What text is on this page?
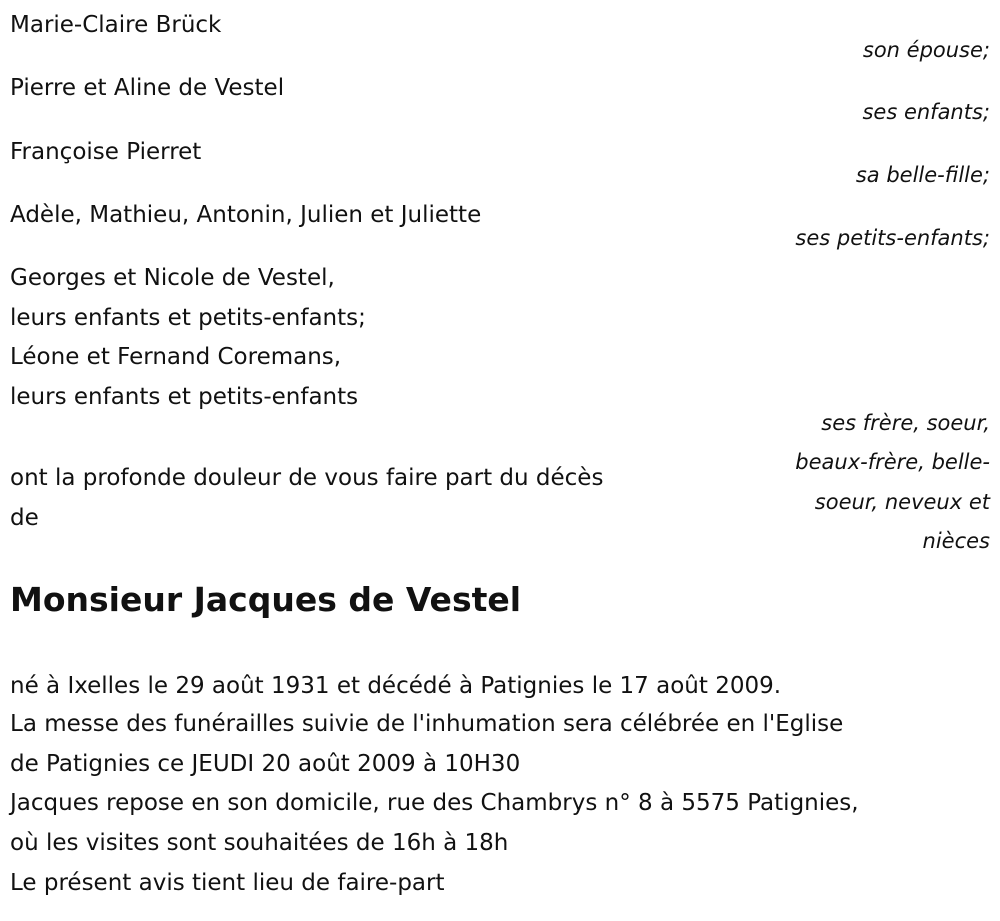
Marie-Claire Brück
son épouse;
Pierre et Aline de Vestel
ses enfants;
Françoise Pierret
sa belle-fille;
Adèle, Mathieu, Antonin, Julien et Juliette
ses petits-enfants;
Georges et Nicole de Vestel,
leurs enfants et petits-enfants;
Léone et Fernand Coremans,
leurs enfants et petits-enfants
ses frère, soeur,
beaux-frère, belle-
soeur, neveux et
nièces
ont la profonde douleur de vous faire part du décès
de
Monsieur Jacques de Vestel
né à Ixelles le 29 août 1931 et décédé à Patignies le 17 août 2009.
La messe des funérailles suivie de l'inhumation sera célébrée en l'Eglise
de Patignies ce JEUDI 20 août 2009 à 10H30
Jacques repose en son domicile, rue des Chambrys n° 8 à 5575 Patignies,
où les visites sont souhaitées de 16h à 18h
Le présent avis tient lieu de faire-part
